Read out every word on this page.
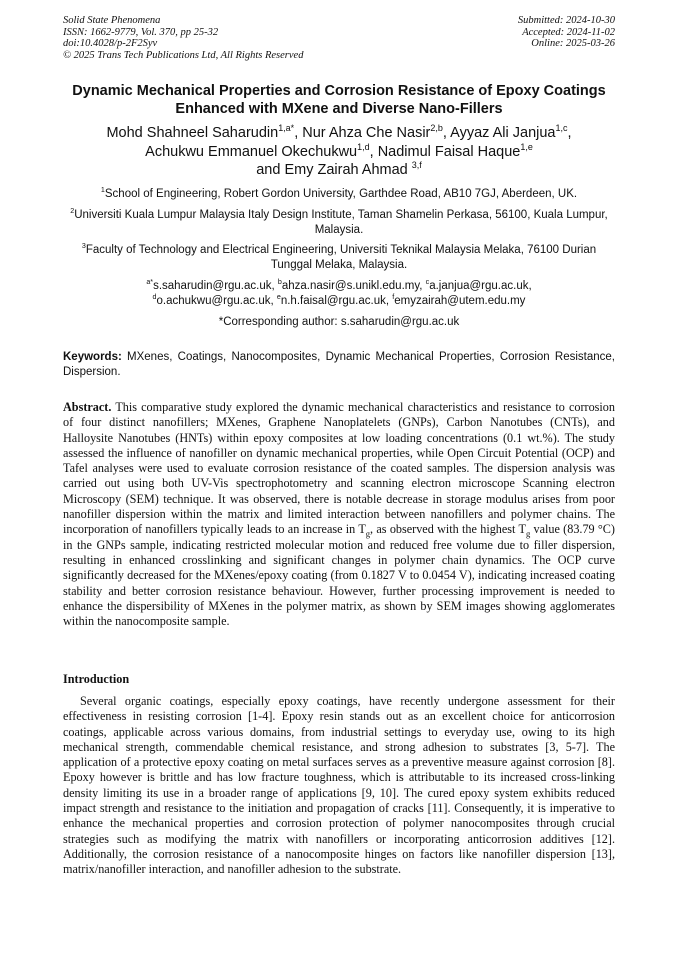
Solid State Phenomena
ISSN: 1662-9779, Vol. 370, pp 25-32
doi:10.4028/p-2F2Syv
© 2025 Trans Tech Publications Ltd, All Rights Reserved
Submitted: 2024-10-30
Accepted: 2024-11-02
Online: 2025-03-26
Dynamic Mechanical Properties and Corrosion Resistance of Epoxy Coatings Enhanced with MXene and Diverse Nano-Fillers
Mohd Shahneel Saharudin$^{1,a*}$, Nur Ahza Che Nasir$^{2,b}$, Ayyaz Ali Janjua$^{1,c}$,
Achukwu Emmanuel Okechukwu$^{1,d}$, Nadimul Faisal Haque$^{1,e}$
and Emy Zairah Ahmad $^{3,f}$
$^1$School of Engineering, Robert Gordon University, Garthdee Road, AB10 7GJ, Aberdeen, UK.
$^2$Universiti Kuala Lumpur Malaysia Italy Design Institute, Taman Shamelin Perkasa, 56100, Kuala Lumpur, Malaysia.
$^3$Faculty of Technology and Electrical Engineering, Universiti Teknikal Malaysia Melaka, 76100 Durian Tunggal Melaka, Malaysia.
$^{a*}$s.saharudin@rgu.ac.uk, $^b$ahza.nasir@s.unikl.edu.my, $^c$a.janjua@rgu.ac.uk,
$^d$o.achukwu@rgu.ac.uk, $^e$n.h.faisal@rgu.ac.uk, $^f$emyzairah@utem.edu.my
*Corresponding author: s.saharudin@rgu.ac.uk
Keywords: MXenes, Coatings, Nanocomposites, Dynamic Mechanical Properties, Corrosion Resistance, Dispersion.
Abstract. This comparative study explored the dynamic mechanical characteristics and resistance to corrosion of four distinct nanofillers; MXenes, Graphene Nanoplatelets (GNPs), Carbon Nanotubes (CNTs), and Halloysite Nanotubes (HNTs) within epoxy composites at low loading concentrations (0.1 wt.%). The study assessed the influence of nanofiller on dynamic mechanical properties, while Open Circuit Potential (OCP) and Tafel analyses were used to evaluate corrosion resistance of the coated samples. The dispersion analysis was carried out using both UV-Vis spectrophotometry and scanning electron microscope Scanning electron Microscopy (SEM) technique. It was observed, there is notable decrease in storage modulus arises from poor nanofiller dispersion within the matrix and limited interaction between nanofillers and polymer chains. The incorporation of nanofillers typically leads to an increase in $T_g$, as observed with the highest $T_g$ value (83.79 °C) in the GNPs sample, indicating restricted molecular motion and reduced free volume due to filler dispersion, resulting in enhanced crosslinking and significant changes in polymer chain dynamics. The OCP curve significantly decreased for the MXenes/epoxy coating (from 0.1827 V to 0.0454 V), indicating increased coating stability and better corrosion resistance behaviour. However, further processing improvement is needed to enhance the dispersibility of MXenes in the polymer matrix, as shown by SEM images showing agglomerates within the nanocomposite sample.
Introduction
Several organic coatings, especially epoxy coatings, have recently undergone assessment for their effectiveness in resisting corrosion [1-4]. Epoxy resin stands out as an excellent choice for anticorrosion coatings, applicable across various domains, from industrial settings to everyday use, owing to its high mechanical strength, commendable chemical resistance, and strong adhesion to substrates [3, 5-7]. The application of a protective epoxy coating on metal surfaces serves as a preventive measure against corrosion [8]. Epoxy however is brittle and has low fracture toughness, which is attributable to its increased cross-linking density limiting its use in a broader range of applications [9, 10]. The cured epoxy system exhibits reduced impact strength and resistance to the initiation and propagation of cracks [11]. Consequently, it is imperative to enhance the mechanical properties and corrosion protection of polymer nanocomposites through crucial strategies such as modifying the matrix with nanofillers or incorporating anticorrosion additives [12]. Additionally, the corrosion resistance of a nanocomposite hinges on factors like nanofiller dispersion [13], matrix/nanofiller interaction, and nanofiller adhesion to the substrate.
